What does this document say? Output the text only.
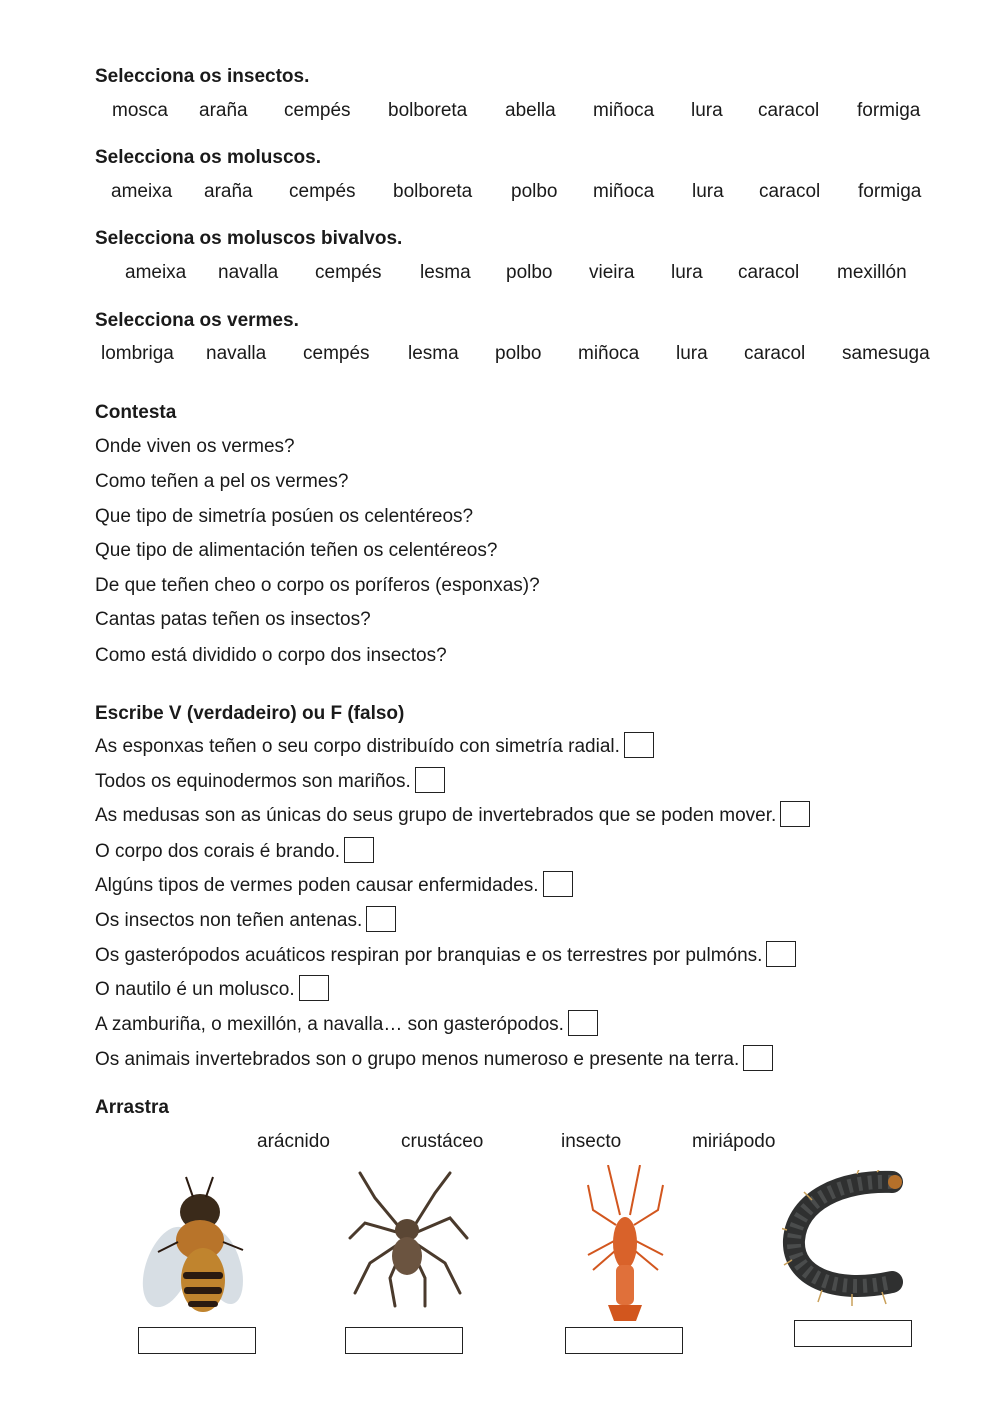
Selecciona os insectos.
mosca araña cempés bolboreta abella miñoca lura caracol formiga
Selecciona os moluscos.
ameixa araña cempés bolboreta polbo miñoca lura caracol formiga
Selecciona os moluscos bivalvos.
ameixa navalla cempés lesma polbo vieira lura caracol mexillón
Selecciona os vermes.
lombriga navalla cempés lesma polbo miñoca lura caracol samesuga
Contesta
Onde viven os vermes?
Como teñen a pel os vermes?
Que tipo de simetría posúen os celentéreos?
Que tipo de alimentación teñen os celentéreos?
De que teñen cheo o corpo os poríferos (esponxas)?
Cantas patas teñen os insectos?
Como está dividido o corpo dos insectos?
Escribe V (verdadeiro) ou F (falso)
As esponxas teñen o seu corpo distribuído con simetría radial.
Todos os equinodermos son mariños.
As medusas son as únicas do seus grupo de invertebrados que se poden mover.
O corpo dos corais é brando.
Algúns tipos de vermes poden causar enfermidades.
Os insectos non teñen antenas.
Os gasterópodos acuáticos respiran por branquias e os terrestres por pulmóns.
O nautilo é un molusco.
A zamburiña, o mexillón, a navalla… son gasterópodos.
Os animais invertebrados son o grupo menos numeroso e presente na terra.
Arrastra
arácnido	crustáceo	insecto	miriápodo
